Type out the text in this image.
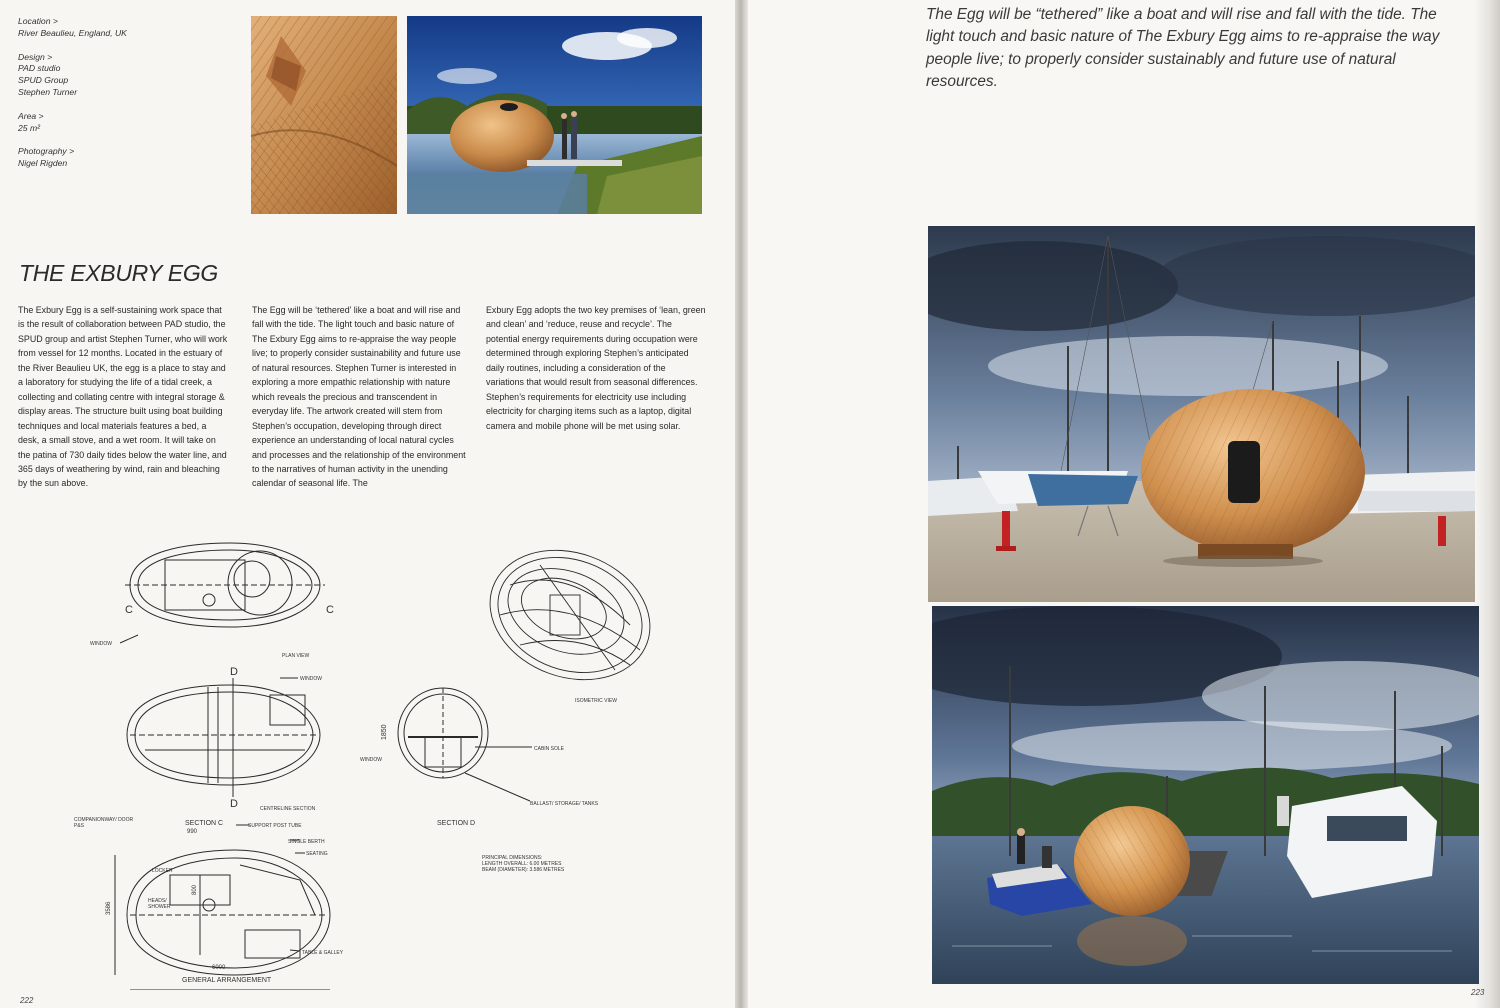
Location >
River Beaulieu, England, UK
Design >
PAD studio
SPUD Group
Stephen Turner
Area >
25 m²
Photography >
Nigel Rigden
THE EXBURY EGG

The Exbury Egg is a self-sustaining work space that is the result of collaboration between PAD studio, the SPUD group and artist Stephen Turner, who will work from vessel for 12 months. Located in the estuary of the River Beaulieu UK, the egg is a place to stay and a laboratory for studying the life of a tidal creek, a collecting and collating centre with integral storage & display areas. The structure built using boat building techniques and local materials features a bed, a desk, a small stove, and a wet room. It will take on the patina of 730 daily tides below the water line, and 365 days of weathering by wind, rain and bleaching by the sun above.

The Egg will be ‘tethered’ like a boat and will rise and fall with the tide. The light touch and basic nature of The Exbury Egg aims to re-appraise the way people live; to properly consider sustainability and future use of natural resources. Stephen Turner is interested in exploring a more empathic relationship with nature which reveals the precious and transcendent in everyday life. The artwork created will stem from Stephen’s occupation, developing through direct experience an understanding of local natural cycles and processes and the relationship of the environment to the narratives of human activity in the unending calendar of seasonal life. The

Exbury Egg adopts the two key premises of ‘lean, green and clean’ and ‘reduce, reuse and recycle’. The potential energy requirements during occupation were determined through exploring Stephen’s anticipated daily routines, including a consideration of the variations that would result from seasonal differences. Stephen’s requirements for electricity use including electricity for charging items such as a laptop, digital camera and mobile phone will be met using solar.

C	C
WINDOW
PLAN VIEW
D
D
WINDOW
ISOMETRIC VIEW
1850
CABIN SOLE
WINDOW
BALLAST/ STORAGE/ TANKS
CENTRELINE SECTION
COMPANIONWAY/ DOOR
P&S	SECTION C
990
SECTION D
SUPPORT POST TUBE
SINGLE BERTH
SEATING
LOCKER
800
3586
HEADS/
SHOWER
TABLE & GALLEY
6000
GENERAL ARRANGEMENT
PRINCIPAL DIMENSIONS:
LENGTH OVERALL: 6.00 METRES
BEAM (DIAMETER): 3.586 METRES
222

The Egg will be “tethered” like a boat and will rise and fall with the tide. The light touch and basic nature of The Exbury Egg aims to re-appraise the way people live; to properly consider sustainably and future use of natural resources.

223
